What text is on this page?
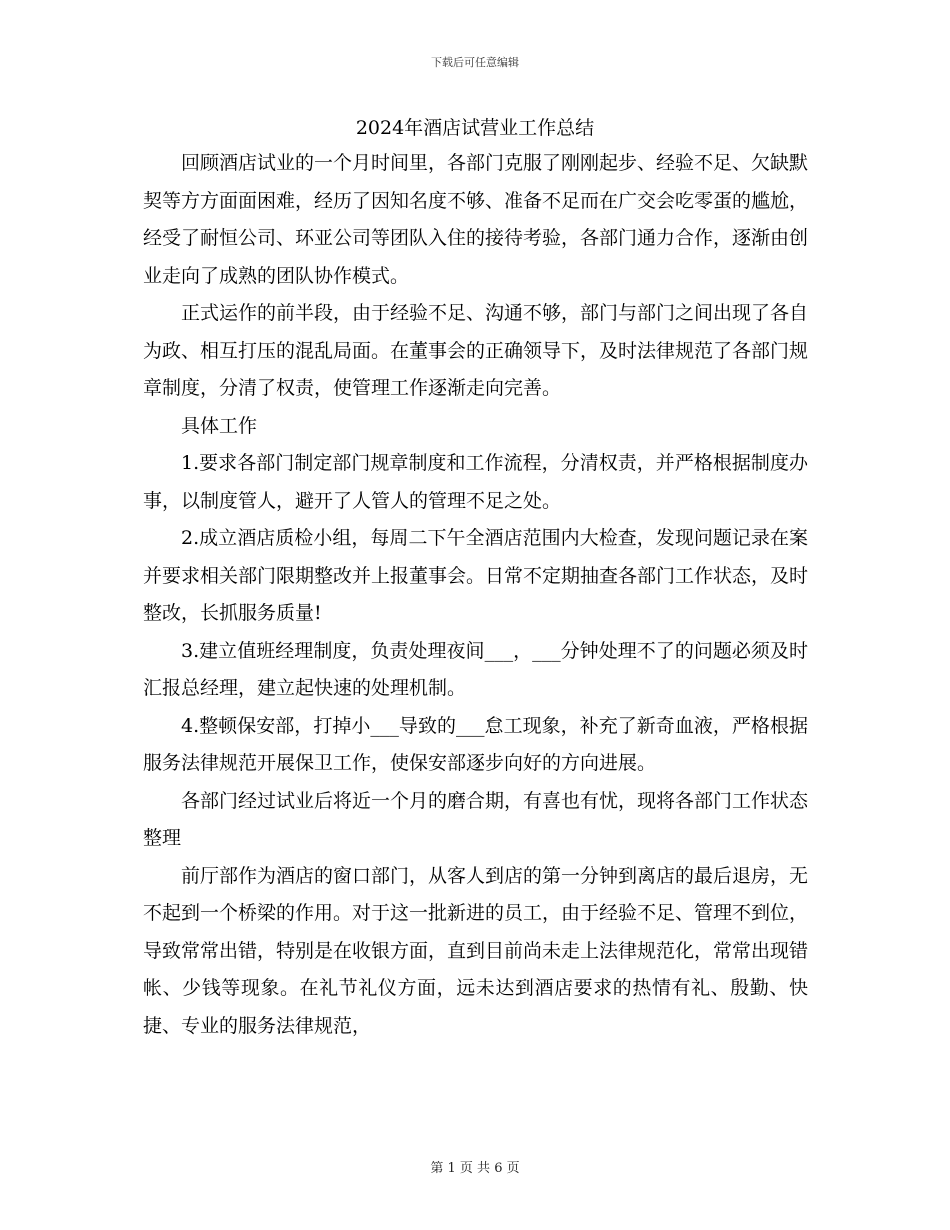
下载后可任意编辑
2024年酒店试营业工作总结

回顾酒店试业的一个月时间里，各部门克服了刚刚起步、经验不足、欠缺默契等方方面面困难，经历了因知名度不够、准备不足而在广交会吃零蛋的尴尬，经受了耐恒公司、环亚公司等团队入住的接待考验，各部门通力合作，逐渐由创业走向了成熟的团队协作模式。

正式运作的前半段，由于经验不足、沟通不够，部门与部门之间出现了各自为政、相互打压的混乱局面。在董事会的正确领导下，及时法律规范了各部门规章制度，分清了权责，使管理工作逐渐走向完善。

具体工作

1.要求各部门制定部门规章制度和工作流程，分清权责，并严格根据制度办事，以制度管人，避开了人管人的管理不足之处。

2.成立酒店质检小组，每周二下午全酒店范围内大检查，发现问题记录在案并要求相关部门限期整改并上报董事会。日常不定期抽查各部门工作状态，及时整改，长抓服务质量!

3.建立值班经理制度，负责处理夜间___，___分钟处理不了的问题必须及时汇报总经理，建立起快速的处理机制。

4.整顿保安部，打掉小___导致的___怠工现象，补充了新奇血液，严格根据服务法律规范开展保卫工作，使保安部逐步向好的方向进展。

各部门经过试业后将近一个月的磨合期，有喜也有忧，现将各部门工作状态整理

前厅部作为酒店的窗口部门，从客人到店的第一分钟到离店的最后退房，无不起到一个桥梁的作用。对于这一批新进的员工，由于经验不足、管理不到位，导致常常出错，特别是在收银方面，直到目前尚未走上法律规范化，常常出现错帐、少钱等现象。在礼节礼仪方面，远未达到酒店要求的热情有礼、殷勤、快捷、专业的服务法律规范，

第 1 页 共 6 页
